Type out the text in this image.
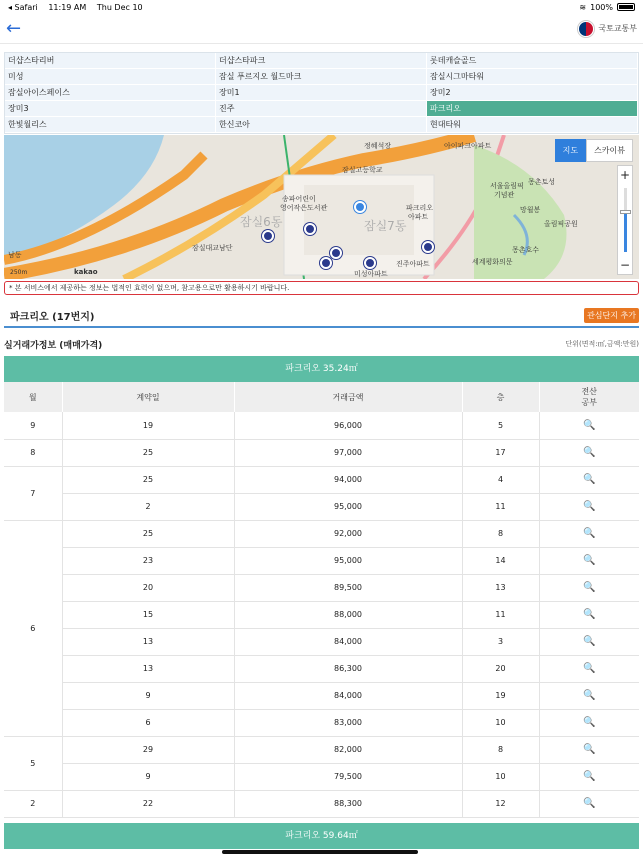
◂ Safari 11:19 AM Thu Dec 10	≋ 100%
←	국토교통부
더샵스타리버	더샵스타파크	롯데캐슬골드
미성	잠실 푸르지오 월드마크	잠실시그마타워
잠실아이스페이스	장미1	장미2
장미3	진주	파크리오
한빛월리스	한신코아	현대타워
정혜석장	아이파크아파트
잠실고등학교
송파어린이
영어작은도서관	파크리오
아파트
서울올림픽
기념관
몽촌토성
올림픽공원
망월봉
몽촌호수
세계평화의문
진주아파트
미성아파트
잠실대교남단
잠실6동	잠실7동
남동
지도	스카이뷰
+
−
250m	kakao
* 본 서비스에서 제공하는 정보는 법적인 효력이 없으며, 참고용으로만 활용하시기 바랍니다.
파크리오 (17번지)	관심단지 추가
실거래가정보 (매매가격)	단위(면적:㎡,금액:만원)
파크리오 35.24㎡
월	계약일	거래금액	층	전산
공부
9	19	96,000	5	🔍
8	25	97,000	17	🔍
7	25	94,000	4	🔍
	2	95,000	11	🔍
6	25	92,000	8	🔍
	23	95,000	14	🔍
	20	89,500	13	🔍
	15	88,000	11	🔍
	13	84,000	3	🔍
	13	86,300	20	🔍
	9	84,000	19	🔍
	6	83,000	10	🔍
5	29	82,000	8	🔍
	9	79,500	10	🔍
2	22	88,300	12	🔍
파크리오 59.64㎡
